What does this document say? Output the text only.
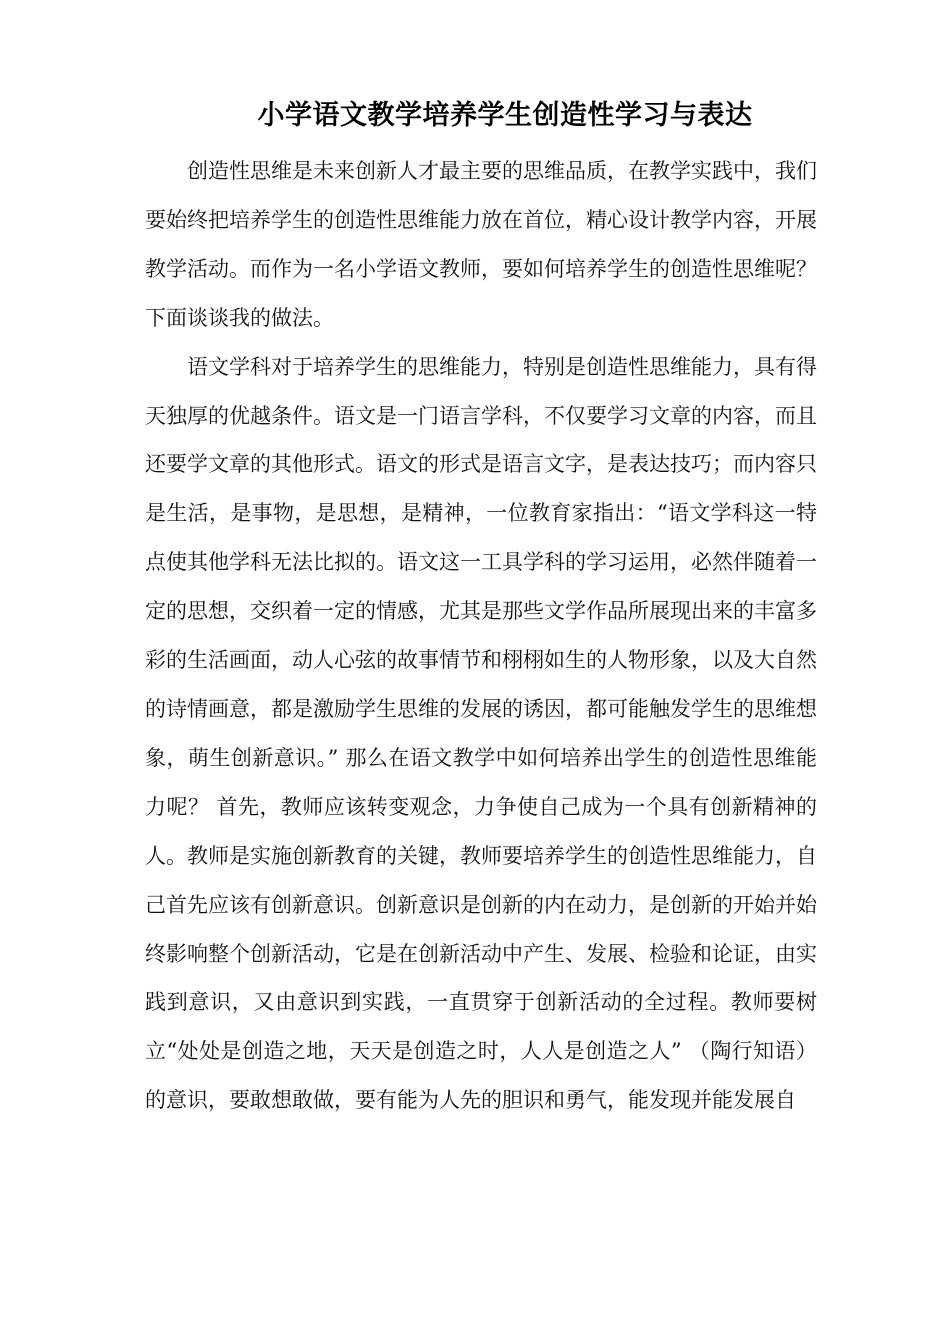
小学语文教学培养学生创造性学习与表达

创造性思维是未来创新人才最主要的思维品质，在教学实践中，我们要始终把培养学生的创造性思维能力放在首位，精心设计教学内容，开展教学活动。而作为一名小学语文教师，要如何培养学生的创造性思维呢？下面谈谈我的做法。

语文学科对于培养学生的思维能力，特别是创造性思维能力，具有得天独厚的优越条件。语文是一门语言学科，不仅要学习文章的内容，而且还要学文章的其他形式。语文的形式是语言文字，是表达技巧；而内容只是生活，是事物，是思想，是精神，一位教育家指出：“语文学科这一特点使其他学科无法比拟的。语文这一工具学科的学习运用，必然伴随着一定的思想，交织着一定的情感，尤其是那些文学作品所展现出来的丰富多彩的生活画面，动人心弦的故事情节和栩栩如生的人物形象，以及大自然的诗情画意，都是激励学生思维的发展的诱因，都可能触发学生的思维想象，萌生创新意识。” 那么在语文教学中如何培养出学生的创造性思维能力呢？ 首先，教师应该转变观念，力争使自己成为一个具有创新精神的人。教师是实施创新教育的关键，教师要培养学生的创造性思维能力，自己首先应该有创新意识。创新意识是创新的内在动力，是创新的开始并始终影响整个创新活动，它是在创新活动中产生、发展、检验和论证，由实践到意识，又由意识到实践，一直贯穿于创新活动的全过程。教师要树立“处处是创造之地，天天是创造之时，人人是创造之人” （陶行知语）的意识，要敢想敢做，要有能为人先的胆识和勇气，能发现并能发展自
